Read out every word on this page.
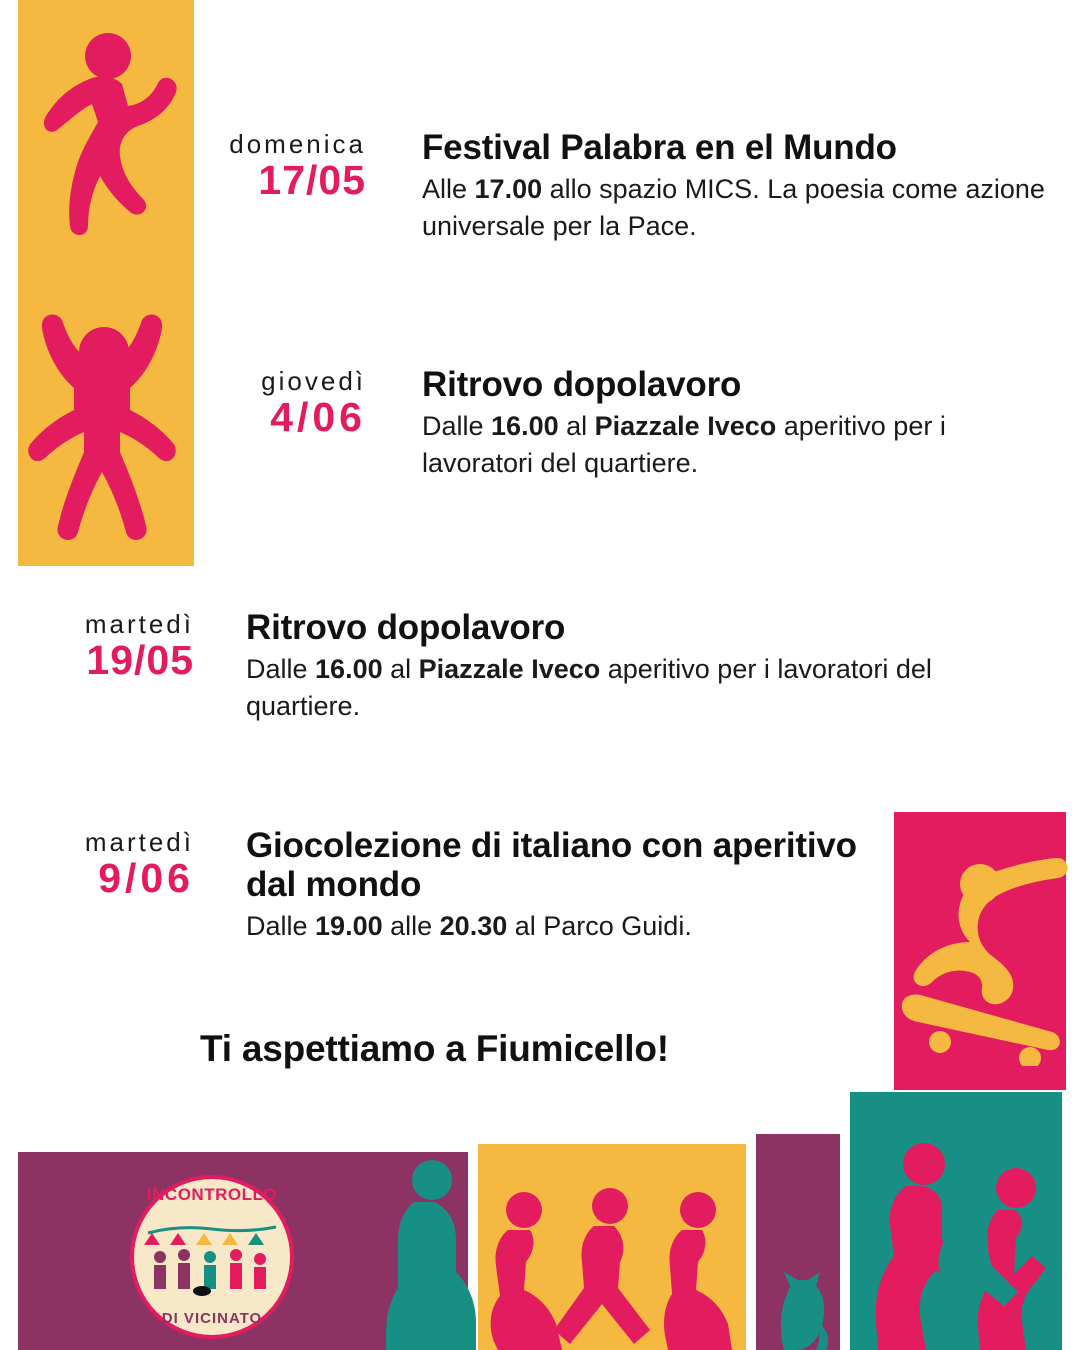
domenica
17/05
Festival Palabra en el Mundo
Alle 17.00 allo spazio MICS. La poesia come azione universale per la Pace.
giovedì
4/06
Ritrovo dopolavoro
Dalle 16.00 al Piazzale Iveco aperitivo per i lavoratori del quartiere.
martedì
19/05
Ritrovo dopolavoro
Dalle 16.00 al Piazzale Iveco aperitivo per i lavoratori del quartiere.
martedì
9/06
Giocolezione di italiano con aperitivo dal mondo
Dalle 19.00 alle 20.30 al Parco Guidi.
Ti aspettiamo a Fiumicello!
INCONTROLLO
DI VICINATO
